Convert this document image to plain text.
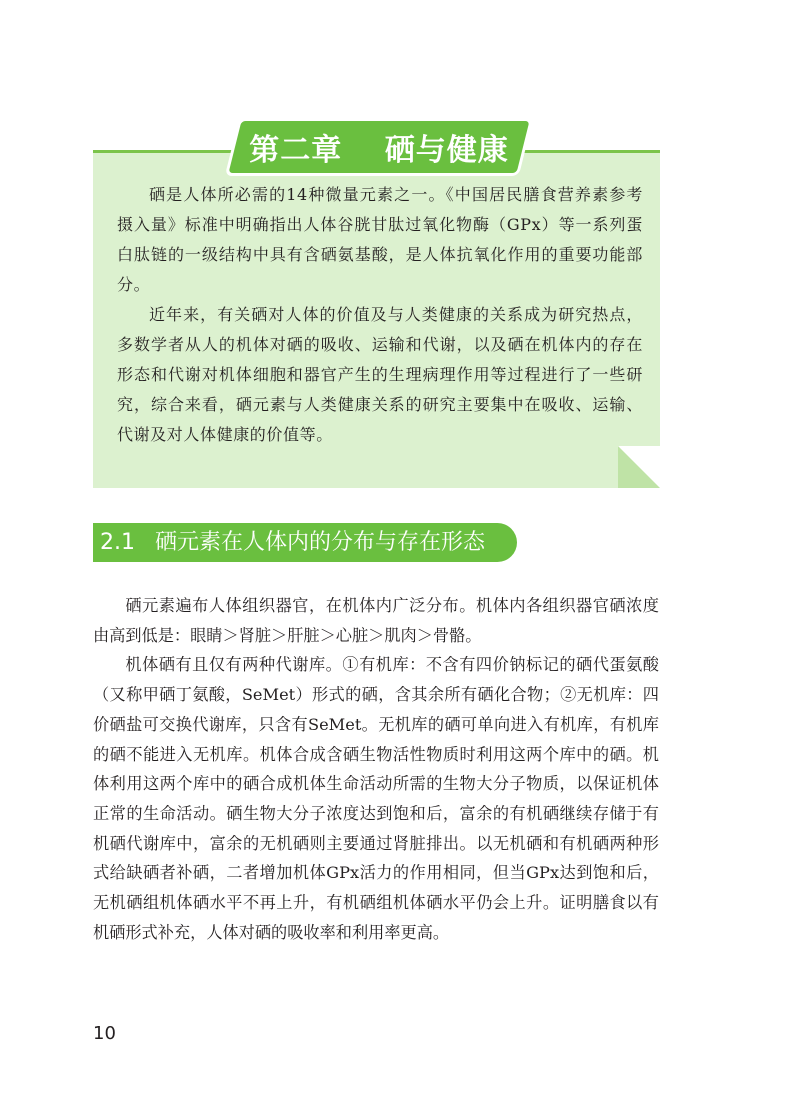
第二章　 硒与健康

硒是人体所必需的14种微量元素之一。《中国居民膳食营养素参考摄入量》标准中明确指出人体谷胱甘肽过氧化物酶（GPx）等一系列蛋白肽链的一级结构中具有含硒氨基酸，是人体抗氧化作用的重要功能部分。

近年来，有关硒对人体的价值及与人类健康的关系成为研究热点，多数学者从人的机体对硒的吸收、运输和代谢，以及硒在机体内的存在形态和代谢对机体细胞和器官产生的生理病理作用等过程进行了一些研究，综合来看，硒元素与人类健康关系的研究主要集中在吸收、运输、代谢及对人体健康的价值等。

2.1 硒元素在人体内的分布与存在形态

硒元素遍布人体组织器官，在机体内广泛分布。机体内各组织器官硒浓度由高到低是：眼睛＞肾脏＞肝脏＞心脏＞肌肉＞骨骼。

机体硒有且仅有两种代谢库。①有机库：不含有四价钠标记的硒代蛋氨酸（又称甲硒丁氨酸，SeMet）形式的硒，含其余所有硒化合物；②无机库：四价硒盐可交换代谢库，只含有SeMet。无机库的硒可单向进入有机库，有机库的硒不能进入无机库。机体合成含硒生物活性物质时利用这两个库中的硒。机体利用这两个库中的硒合成机体生命活动所需的生物大分子物质，以保证机体正常的生命活动。硒生物大分子浓度达到饱和后，富余的有机硒继续存储于有机硒代谢库中，富余的无机硒则主要通过肾脏排出。以无机硒和有机硒两种形式给缺硒者补硒，二者增加机体GPx活力的作用相同，但当GPx达到饱和后，无机硒组机体硒水平不再上升，有机硒组机体硒水平仍会上升。证明膳食以有机硒形式补充，人体对硒的吸收率和利用率更高。

10
